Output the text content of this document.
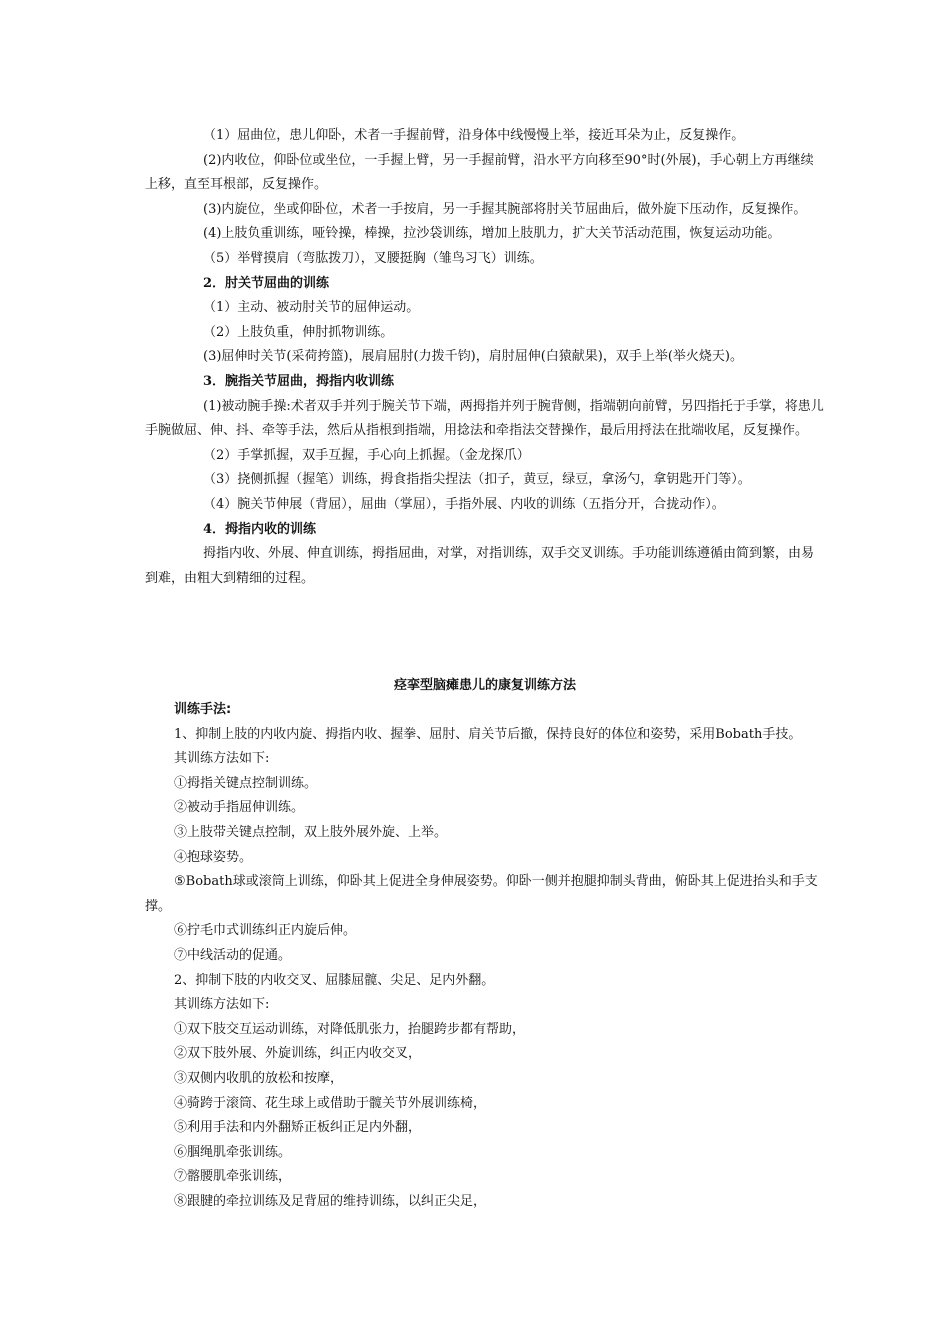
（1）屈曲位，患儿仰卧，术者一手握前臂，沿身体中线慢慢上举，接近耳朵为止，反复操作。

(2)内收位，仰卧位或坐位，一手握上臂，另一手握前臂，沿水平方向移至90°时(外展)，手心朝上方再继续上移，直至耳根部，反复操作。

(3)内旋位，坐或仰卧位，术者一手按肩，另一手握其腕部将肘关节屈曲后，做外旋下压动作，反复操作。

(4)上肢负重训练，哑铃操，棒操，拉沙袋训练，增加上肢肌力，扩大关节活动范围，恢复运动功能。

（5）举臂摸肩（弯肱拨刀），叉腰挺胸（雏鸟习飞）训练。

2．肘关节屈曲的训练

（1）主动、被动肘关节的屈伸运动。

（2）上肢负重，伸肘抓物训练。

(3)屈伸时关节(采荷挎篮)，展肩屈肘(力拨千钧)，肩肘屈伸(白猿献果)，双手上举(举火烧天)。

3．腕指关节屈曲，拇指内收训练

(1)被动腕手操:术者双手并列于腕关节下端，两拇指并列于腕背侧，指端朝向前臂，另四指托于手掌，将患儿手腕做屈、伸、抖、牵等手法，然后从指根到指端，用捻法和牵指法交替操作，最后用捋法在批端收尾，反复操作。

（2）手掌抓握，双手互握，手心向上抓握。（金龙探爪）

（3）挠侧抓握（握笔）训练，拇食指指尖捏法（扣子，黄豆，绿豆，拿汤勺，拿钥匙开门等）。

（4）腕关节伸展（背屈），屈曲（掌屈），手指外展、内收的训练（五指分开，合拢动作）。

4．拇指内收的训练

拇指内收、外展、伸直训练，拇指屈曲，对掌，对指训练，双手交叉训练。手功能训练遵循由简到繁，由易到难，由粗大到精细的过程。

痉挛型脑瘫患儿的康复训练方法

训练手法:

1、抑制上肢的内收内旋、拇指内收、握拳、屈肘、肩关节后撤，保持良好的体位和姿势，采用Bobath手技。

其训练方法如下:

①拇指关键点控制训练。

②被动手指屈伸训练。

③上肢带关键点控制，双上肢外展外旋、上举。

④抱球姿势。

⑤Bobath球或滚筒上训练，仰卧其上促进全身伸展姿势。仰卧一侧并抱腿抑制头背曲，俯卧其上促进抬头和手支撑。

⑥拧毛巾式训练纠正内旋后伸。

⑦中线活动的促通。

2、抑制下肢的内收交叉、屈膝屈髋、尖足、足内外翻。

其训练方法如下:

①双下肢交互运动训练，对降低肌张力，抬腿跨步都有帮助，

②双下肢外展、外旋训练，纠正内收交叉，

③双侧内收肌的放松和按摩，

④骑跨于滚筒、花生球上或借助于髋关节外展训练椅，

⑤利用手法和内外翻矫正板纠正足内外翻，

⑥腘绳肌牵张训练。

⑦髂腰肌牵张训练，

⑧跟腱的牵拉训练及足背屈的维持训练，以纠正尖足，
